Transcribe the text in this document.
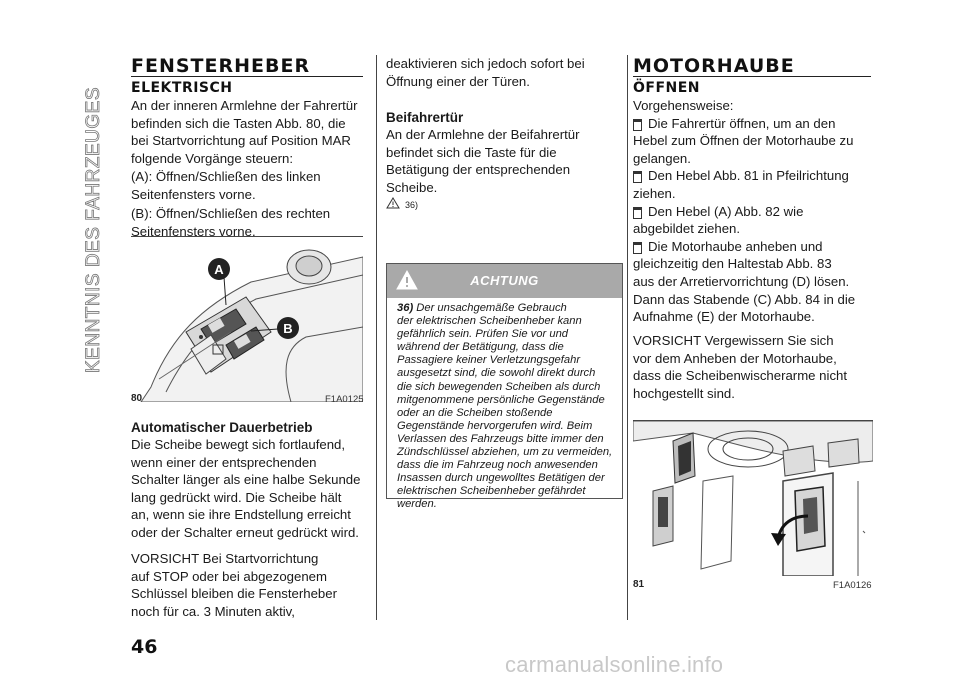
KENNTNIS DES FAHRZEUGES
FENSTERHEBER
ELEKTRISCH

An der inneren Armlehne der Fahrertür

befinden sich die Tasten Abb. 80, die

bei Startvorrichtung auf Position MAR

folgende Vorgänge steuern:

(A): Öffnen/Schließen des linken

Seitenfensters vorne.

(B): Öffnen/Schließen des rechten

Seitenfensters vorne.

A
B
80	F1A0125
Automatischer Dauerbetrieb

Die Scheibe bewegt sich fortlaufend,

wenn einer der entsprechenden

Schalter länger als eine halbe Sekunde

lang gedrückt wird. Die Scheibe hält

an, wenn sie ihre Endstellung erreicht

oder der Schalter erneut gedrückt wird.

VORSICHT Bei Startvorrichtung

auf STOP oder bei abgezogenem

Schlüssel bleiben die Fensterheber

noch für ca. 3 Minuten aktiv,

deaktivieren sich jedoch sofort bei

Öffnung einer der Türen.

Beifahrertür

An der Armlehne der Beifahrertür

befindet sich die Taste für die

Betätigung der entsprechenden

Scheibe.

36)
ACHTUNG
36) Der unsachgemäße Gebrauch
der elektrischen Scheibenheber kann
gefährlich sein. Prüfen Sie vor und
während der Betätigung, dass die
Passagiere keiner Verletzungsgefahr
ausgesetzt sind, die sowohl direkt durch
die sich bewegenden Scheiben als durch
mitgenommene persönliche Gegenstände
oder an die Scheiben stoßende
Gegenstände hervorgerufen wird. Beim
Verlassen des Fahrzeugs bitte immer den
Zündschlüssel abziehen, um zu vermeiden,
dass die im Fahrzeug noch anwesenden
Insassen durch ungewolltes Betätigen der
elektrischen Scheibenheber gefährdet
werden.
MOTORHAUBE
ÖFFNEN

Vorgehensweise:

Die Fahrertür öffnen, um an den

Hebel zum Öffnen der Motorhaube zu

gelangen.

Den Hebel Abb. 81 in Pfeilrichtung

ziehen.

Den Hebel (A) Abb. 82 wie

abgebildet ziehen.

Die Motorhaube anheben und

gleichzeitig den Haltestab Abb. 83

aus der Arretiervorrichtung (D) lösen.

Dann das Stabende (C) Abb. 84 in die

Aufnahme (E) der Motorhaube.

VORSICHT Vergewissern Sie sich

vor dem Anheben der Motorhaube,

dass die Scheibenwischerarme nicht

hochgestellt sind.

81	F1A0126
46
carmanualsonline.info
